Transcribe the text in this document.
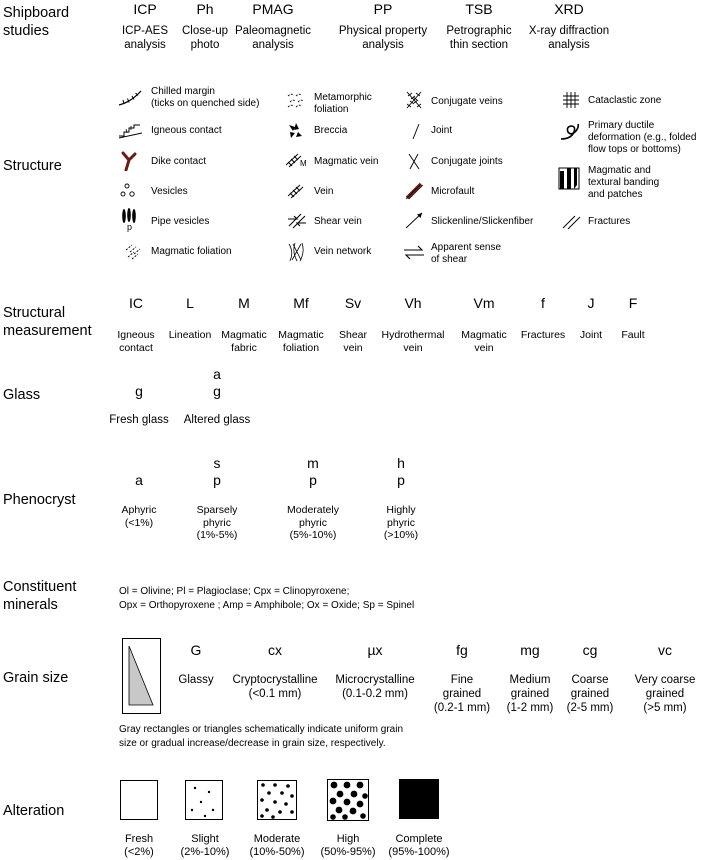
Shipboard
studies
Structure
Structural
measurement
Glass
Phenocryst
Constituent
minerals
Grain size
Alteration
ICP
ICP-AES
analysis
Ph
Close-up
photo
PMAG
Paleomagnetic
analysis
PP
Physical property
analysis
TSB
Petrographic
thin section
XRD
X-ray diffraction
analysis
Chilled margin
(ticks on quenched side)
Igneous contact
Dike contact
Vesicles
p Pipe vesicles
Magmatic foliation
Metamorphic
foliation
Breccia
M Magmatic vein
Vein
Shear vein
Vein network
Conjugate veins
Joint
Conjugate joints
Microfault
Slickenline/Slickenfiber
Apparent sense
of shear
Cataclastic zone
Primary ductile
deformation (e.g., folded
flow tops or bottoms)
Magmatic and
textural banding
and patches
Fractures
IC
Igneous
contact
L
Lineation
M
Magmatic
fabric
Mf
Magmatic
foliation
Sv
Shear
vein
Vh
Hydrothermal
vein
Vm
Magmatic
vein
f
Fractures
J
Joint
F
Fault
g
Fresh glass
a
g
Altered glass
a
Aphyric
(<1%)
s
p
Sparsely
phyric
(1%-5%)
m
p
Moderately
phyric
(5%-10%)
h
p
Highly
phyric
(>10%)
Ol = Olivine; Pl = Plagioclase; Cpx = Clinopyroxene;
Opx = Orthopyroxene ; Amp = Amphibole; Ox = Oxide; Sp = Spinel
G
Glassy
cx
Cryptocrystalline
(<0.1 mm)
µx
Microcrystalline
(0.1-0.2 mm)
fg
Fine
grained
(0.2-1 mm)
mg
Medium
grained
(1-2 mm)
cg
Coarse
grained
(2-5 mm)
vc
Very coarse
grained
(>5 mm)
Gray rectangles or triangles schematically indicate uniform grain
size or gradual increase/decrease in grain size, respectively.
Fresh
(<2%)
Slight
(2%-10%)
Moderate
(10%-50%)
High
(50%-95%)
Complete
(95%-100%)
